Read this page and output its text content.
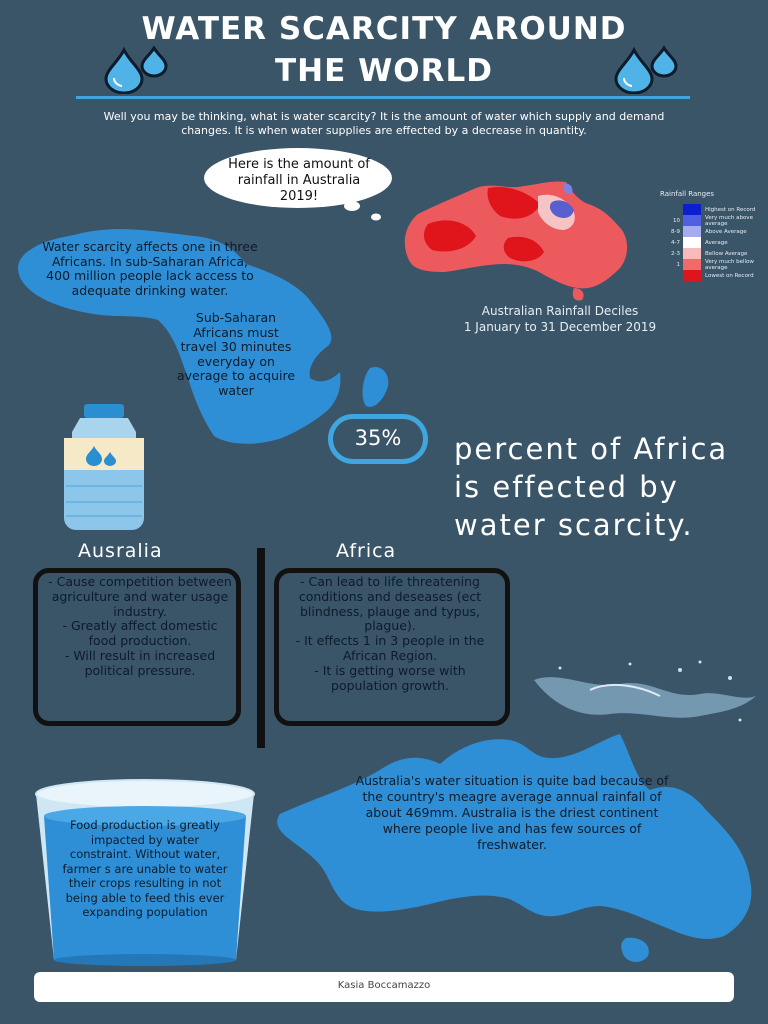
WATER SCARCITY AROUND
THE WORLD
Well you may be thinking, what is water scarcity? It is the amount of water which supply and demand changes. It is when water supplies are effected by a decrease in quantity.
Here is the amount of rainfall in Australia 2019!
Water scarcity affects one in three Africans. In sub-Saharan Africa, 400 million people lack access to adequate drinking water.
Sub-Saharan Africans must travel 30 minutes everyday on average to acquire water
Rainfall Ranges
Highest on Record
10	Very much above average
8-9	Above Average
4-7	Average
2-3	Bellow Average
1	Very much bellow average
Lowest on Record
Australian Rainfall Deciles
1 January to 31 December 2019
35%	percent of Africa is effected by water scarcity.
Ausralia	Africa
- Cause competition between agriculture and water usage industry.
- Greatly affect domestic food production.
- Will result in increased political pressure.
- Can lead to life threatening conditions and deseases (ect blindness, plauge and typus, plague).
- It effects 1 in 3 people in the African Region.
- It is getting worse with population growth.
Australia's water situation is quite bad because of the country's meagre average annual rainfall of about 469mm. Australia is the driest continent where people live and has few sources of freshwater.
Food production is greatly impacted by water constraint. Without water, farmer s are unable to water their crops resulting in not being able to feed this ever expanding population
Kasia Boccamazzo
